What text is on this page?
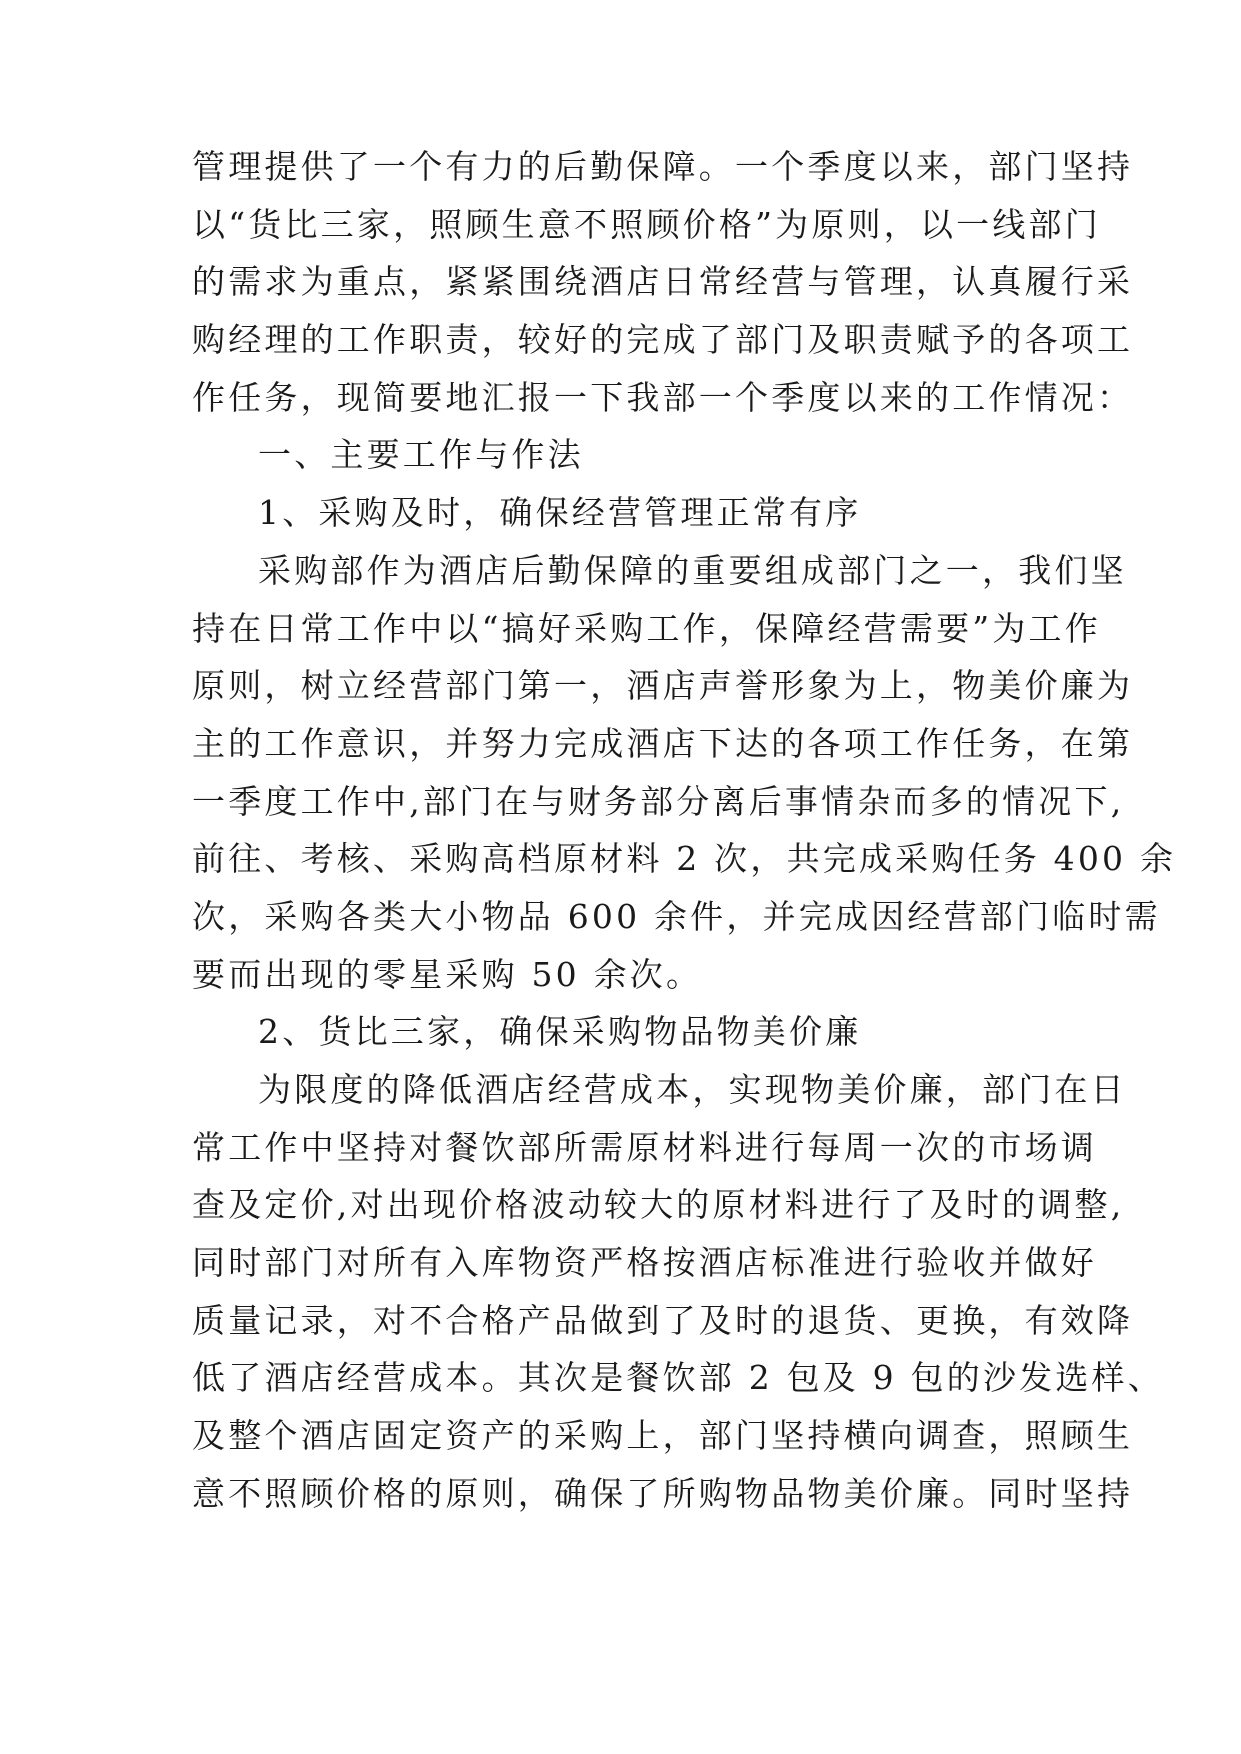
管理提供了一个有力的后勤保障。一个季度以来，部门坚持
以“货比三家，照顾生意不照顾价格”为原则，以一线部门
的需求为重点，紧紧围绕酒店日常经营与管理，认真履行采
购经理的工作职责，较好的完成了部门及职责赋予的各项工
作任务，现简要地汇报一下我部一个季度以来的工作情况：
一、主要工作与作法
1、采购及时，确保经营管理正常有序
采购部作为酒店后勤保障的重要组成部门之一，我们坚
持在日常工作中以“搞好采购工作，保障经营需要”为工作
原则，树立经营部门第一，酒店声誉形象为上，物美价廉为
主的工作意识，并努力完成酒店下达的各项工作任务，在第
一季度工作中,部门在与财务部分离后事情杂而多的情况下,
前往、考核、采购高档原材料 2 次，共完成采购任务 400 余
次，采购各类大小物品 600 余件，并完成因经营部门临时需
要而出现的零星采购 50 余次。
2、货比三家，确保采购物品物美价廉
为限度的降低酒店经营成本，实现物美价廉，部门在日
常工作中坚持对餐饮部所需原材料进行每周一次的市场调
查及定价,对出现价格波动较大的原材料进行了及时的调整,
同时部门对所有入库物资严格按酒店标准进行验收并做好
质量记录，对不合格产品做到了及时的退货、更换，有效降
低了酒店经营成本。其次是餐饮部 2 包及 9 包的沙发选样、
及整个酒店固定资产的采购上，部门坚持横向调查，照顾生
意不照顾价格的原则，确保了所购物品物美价廉。同时坚持
